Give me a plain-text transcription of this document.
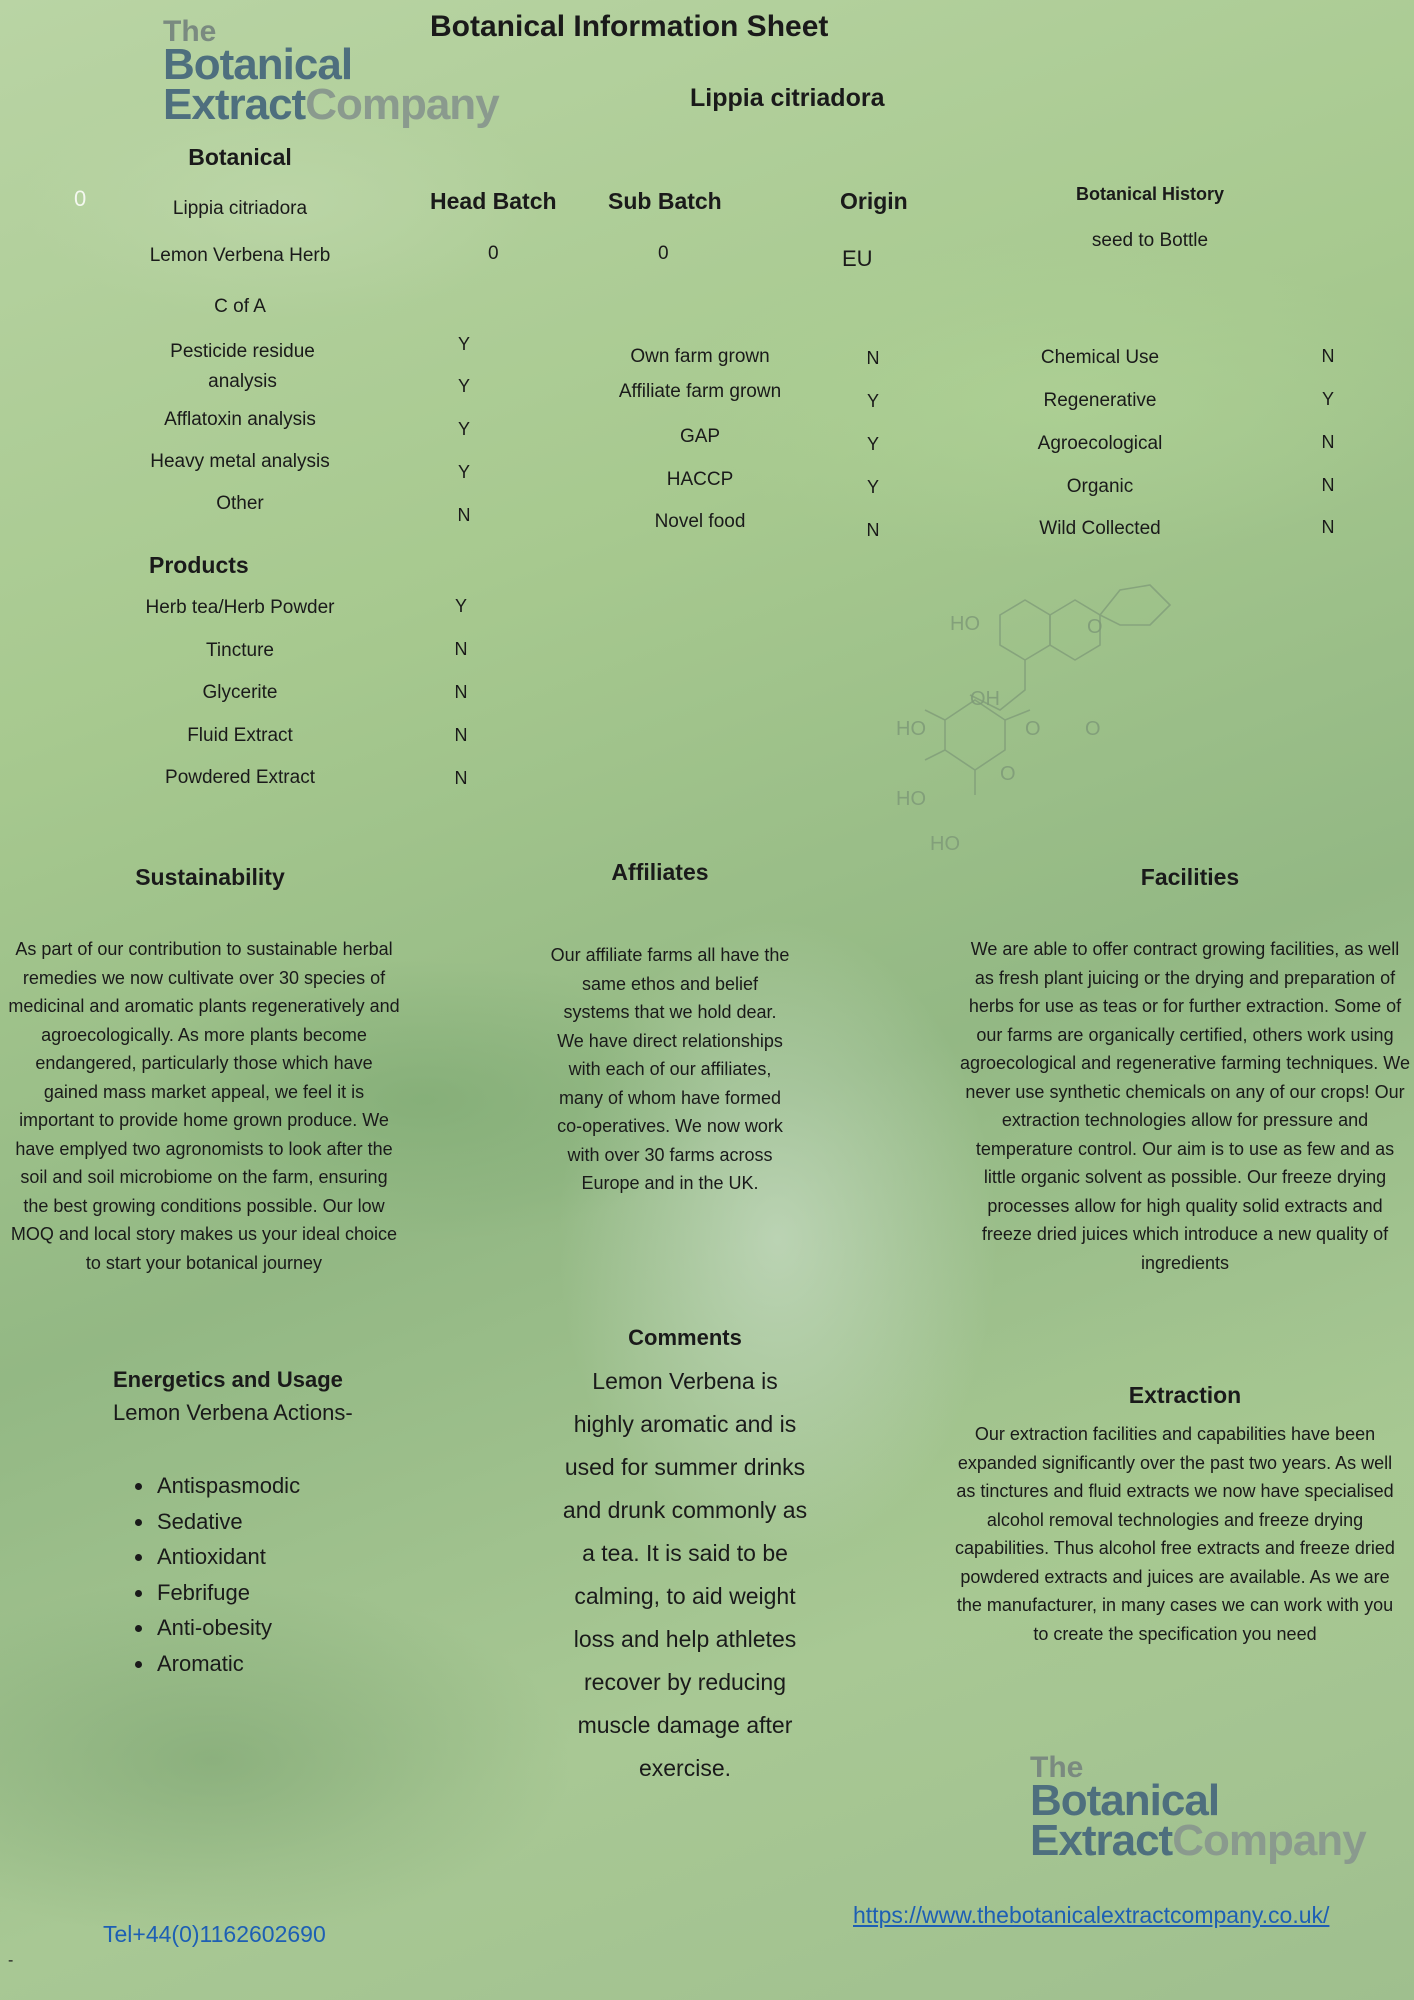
The
Botanical
ExtractCompany
Botanical Information Sheet
Lippia citriadora
0
Botanical
Lippia citriadora
Lemon Verbena Herb
Head Batch
0
Sub Batch
0
Origin
EU
Botanical History
seed to Bottle
C of A
Pesticide residue analysis
Afflatoxin analysis
Heavy metal analysis
Other
Y
Y
Y
Y
N
Own farm grown
Affiliate farm grown
GAP
HACCP
Novel food
N
Y
Y
Y
N
Chemical Use
Regenerative
Agroecological
Organic
Wild Collected
N
Y
N
N
N
Products
Herb tea/Herb Powder
Tincture
Glycerite
Fluid Extract
Powdered Extract
Y
N
N
N
N
HO	O
OH
HO	O O
HO
O
HO
Sustainability
As part of our contribution to sustainable herbal remedies we now cultivate over 30 species of medicinal and aromatic plants regeneratively and agroecologically. As more plants become endangered, particularly those which have gained mass market appeal, we feel it is important to provide home grown produce. We have emplyed two agronomists to look after the soil and soil microbiome on the farm, ensuring the best growing conditions possible. Our low MOQ and local story makes us your ideal choice to start your botanical journey
Affiliates
Our affiliate farms all have the same ethos and belief systems that we hold dear. We have direct relationships with each of our affiliates, many of whom have formed co-operatives. We now work with over 30 farms across Europe and in the UK.
Facilities
We are able to offer contract growing facilities, as well as fresh plant juicing or the drying and preparation of herbs for use as teas or for further extraction. Some of our farms are organically certified, others work using agroecological and regenerative farming techniques. We never use synthetic chemicals on any of our crops! Our extraction technologies allow for pressure and temperature control. Our aim is to use as few and as little organic solvent as possible. Our freeze drying processes allow for high quality solid extracts and freeze dried juices which introduce a new quality of ingredients
Energetics and Usage
Lemon Verbena Actions-
• Antispasmodic
• Sedative
• Antioxidant
• Febrifuge
• Anti-obesity
• Aromatic
Comments
Lemon Verbena is highly aromatic and is used for summer drinks and drunk commonly as a tea. It is said to be calming, to aid weight loss and help athletes recover by reducing muscle damage after exercise.
Extraction
Our extraction facilities and capabilities have been expanded significantly over the past two years. As well as tinctures and fluid extracts we now have specialised alcohol removal technologies and freeze drying capabilities. Thus alcohol free extracts and freeze dried powdered extracts and juices are available. As we are the manufacturer, in many cases we can work with you to create the specification you need
The
Botanical
ExtractCompany
Tel+44(0)1162602690
https://www.thebotanicalextractcompany.co.uk/
-
